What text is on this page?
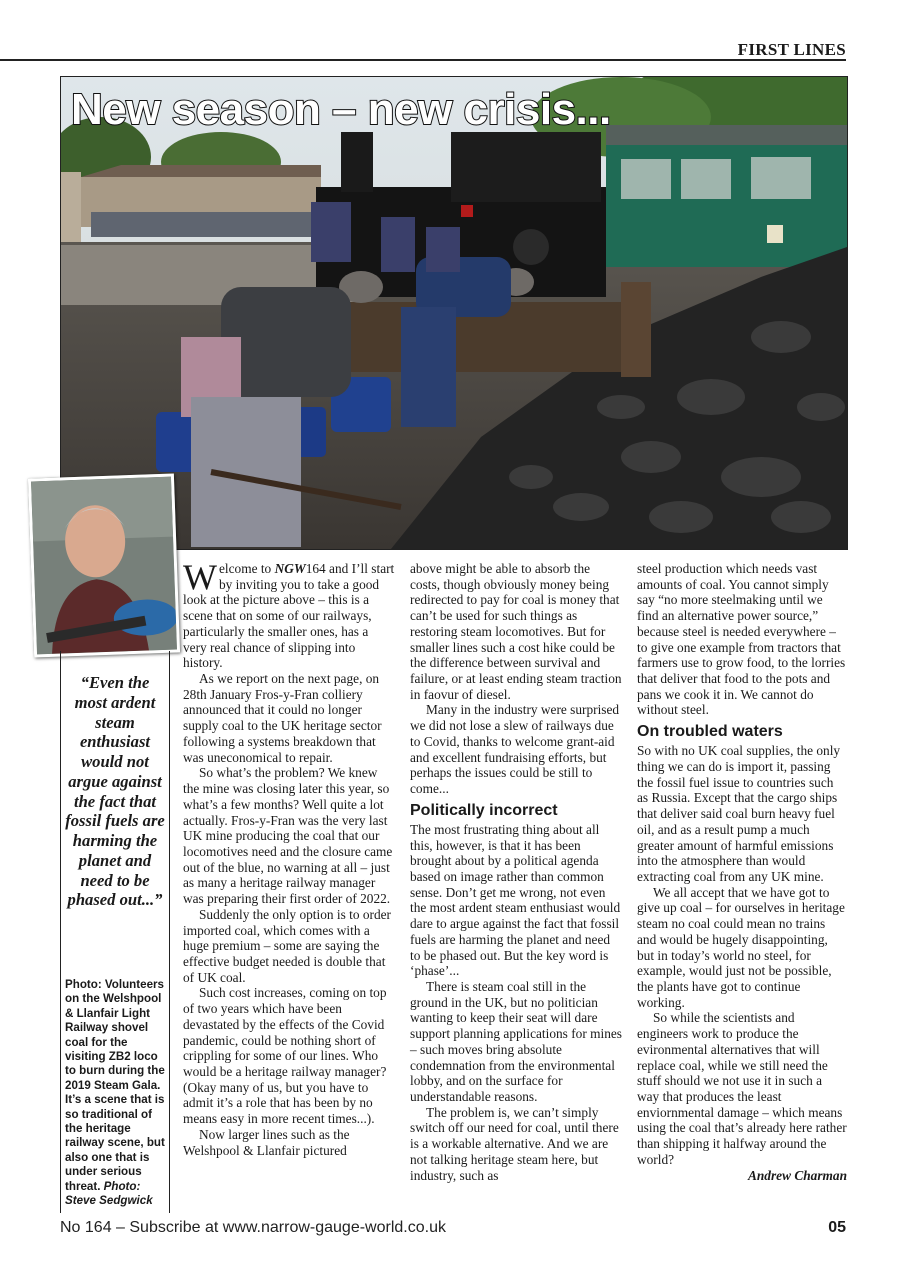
FIRST LINES
New season – new crisis...
“Even the most ardent steam enthusiast would not argue against the fact that fossil fuels are harming the planet and need to be phased out...”
Photo: Volunteers on the Welshpool & Llanfair Light Railway shovel coal for the visiting ZB2 loco to burn during the 2019 Steam Gala. It’s a scene that is so traditional of the heritage railway scene, but also one that is under serious threat. Photo: Steve Sedgwick

Welcome to NGW164 and I’ll start by inviting you to take a good look at the picture above – this is a scene that on some of our railways, particularly the smaller ones, has a very real chance of slipping into history.

As we report on the next page, on 28th January Fros-y-Fran colliery announced that it could no longer supply coal to the UK heritage sector following a systems breakdown that was uneconomical to repair.

So what’s the problem? We knew the mine was closing later this year, so what’s a few months? Well quite a lot actually. Fros-y-Fran was the very last UK mine producing the coal that our locomotives need and the closure came out of the blue, no warning at all – just as many a heritage railway manager was preparing their first order of 2022.

Suddenly the only option is to order imported coal, which comes with a huge premium – some are saying the effective budget needed is double that of UK coal.

Such cost increases, coming on top of two years which have been devastated by the effects of the Covid pandemic, could be nothing short of crippling for some of our lines. Who would be a heritage railway manager? (Okay many of us, but you have to admit it’s a role that has been by no means easy in more recent times...).

Now larger lines such as the Welshpool & Llanfair pictured

above might be able to absorb the costs, though obviously money being redirected to pay for coal is money that can’t be used for such things as restoring steam locomotives. But for smaller lines such a cost hike could be the difference between survival and failure, or at least ending steam traction in faovur of diesel.

Many in the industry were surprised we did not lose a slew of railways due to Covid, thanks to welcome grant-aid and excellent fundraising efforts, but perhaps the issues could be still to come...

Politically incorrect

The most frustrating thing about all this, however, is that it has been brought about by a political agenda based on image rather than common sense. Don’t get me wrong, not even the most ardent steam enthusiast would dare to argue against the fact that fossil fuels are harming the planet and need to be phased out. But the key word is ‘phase’...

There is steam coal still in the ground in the UK, but no politician wanting to keep their seat will dare support planning applications for mines – such moves bring absolute condemnation from the environmental lobby, and on the surface for understandable reasons.

The problem is, we can’t simply switch off our need for coal, until there is a workable alternative. And we are not talking heritage steam here, but industry, such as

steel production which needs vast amounts of coal. You cannot simply say “no more steelmaking until we find an alternative power source,” because steel is needed everywhere – to give one example from tractors that farmers use to grow food, to the lorries that deliver that food to the pots and pans we cook it in. We cannot do without steel.

On troubled waters

So with no UK coal supplies, the only thing we can do is import it, passing the fossil fuel issue to countries such as Russia. Except that the cargo ships that deliver said coal burn heavy fuel oil, and as a result pump a much greater amount of harmful emissions into the atmosphere than would extracting coal from any UK mine.

We all accept that we have got to give up coal – for ourselves in heritage steam no coal could mean no trains and would be hugely disappointing, but in today’s world no steel, for example, would just not be possible, the plants have got to continue working.

So while the scientists and engineers work to produce the evironmental alternatives that will replace coal, while we still need the stuff should we not use it in such a way that produces the least enviornmental damage – which means using the coal that’s already here rather than shipping it halfway around the world?

Andrew Charman
No 164 – Subscribe at www.narrow-gauge-world.co.uk	05
